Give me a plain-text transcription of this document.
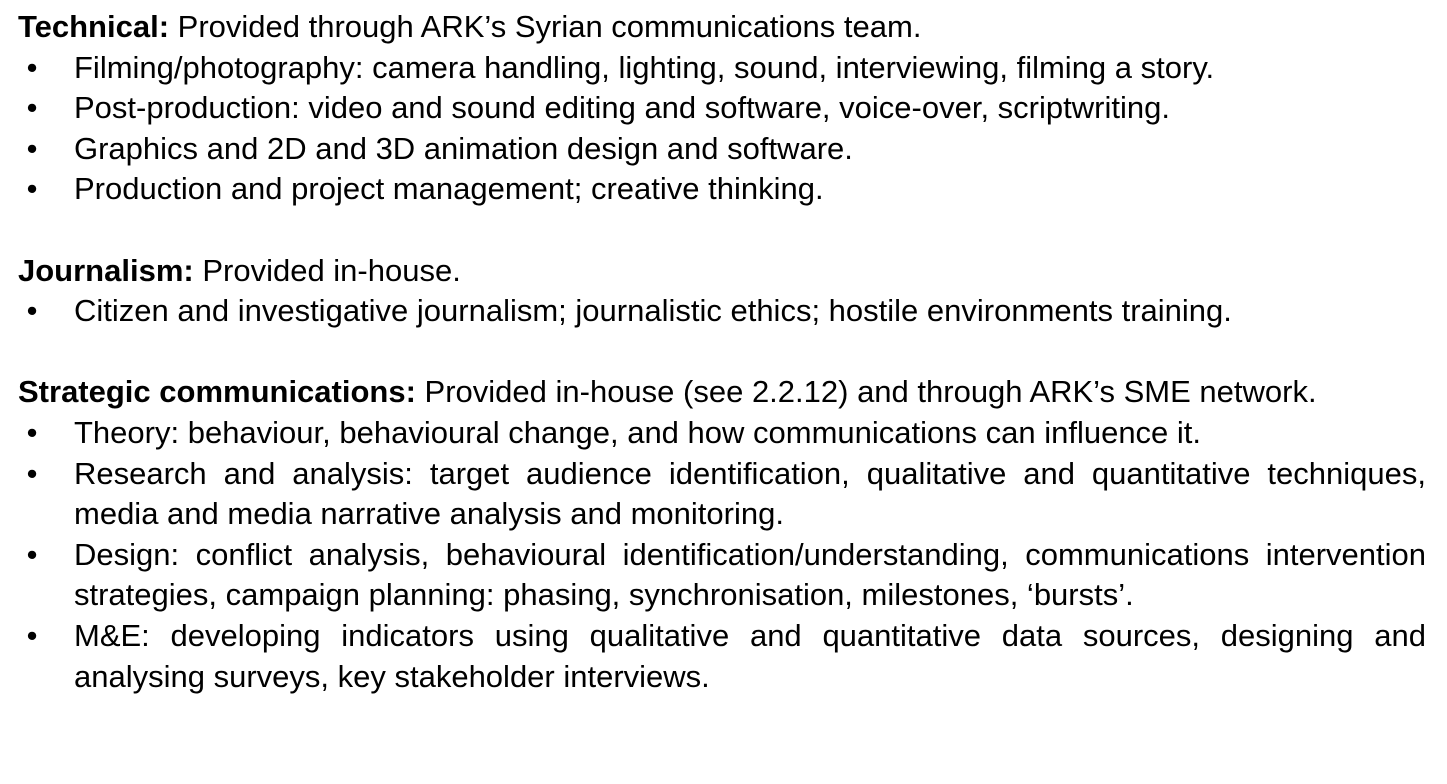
Technical: Provided through ARK’s Syrian communications team.

• Filming/photography: camera handling, lighting, sound, interviewing, filming a story.
• Post-production: video and sound editing and software, voice-over, scriptwriting.
• Graphics and 2D and 3D animation design and software.
• Production and project management; creative thinking.

Journalism: Provided in-house.

• Citizen and investigative journalism; journalistic ethics; hostile environments training.

Strategic communications: Provided in-house (see 2.2.12) and through ARK’s SME network.

• Theory: behaviour, behavioural change, and how communications can influence it.
• Research and analysis: target audience identification, qualitative and quantitative techniques, media and media narrative analysis and monitoring.
• Design: conflict analysis, behavioural identification/understanding, communications intervention strategies, campaign planning: phasing, synchronisation, milestones, ‘bursts’.
• M&E: developing indicators using qualitative and quantitative data sources, designing and analysing surveys, key stakeholder interviews.
